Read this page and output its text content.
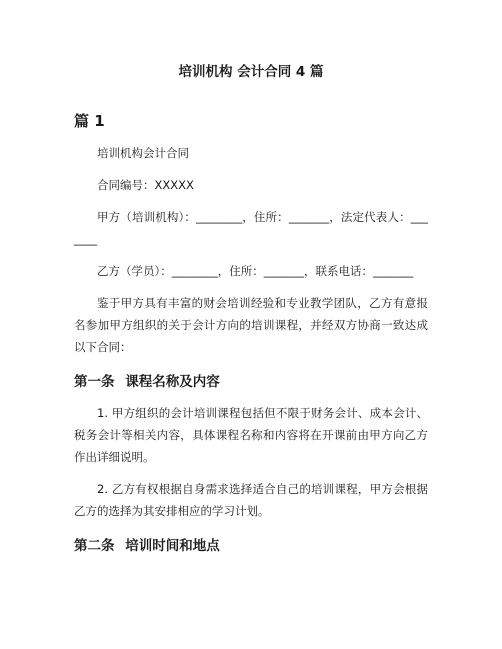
培训机构 会计合同 4 篇
篇 1

培训机构会计合同

合同编号：XXXXX

甲方（培训机构）：________，住所：_______，法定代表人：_______

乙方（学员）：________，住所：_______，联系电话：_______

鉴于甲方具有丰富的财会培训经验和专业教学团队，乙方有意报名参加甲方组织的关于会计方向的培训课程，并经双方协商一致达成以下合同：

第一条 课程名称及内容

1. 甲方组织的会计培训课程包括但不限于财务会计、成本会计、税务会计等相关内容，具体课程名称和内容将在开课前由甲方向乙方作出详细说明。

2. 乙方有权根据自身需求选择适合自己的培训课程，甲方会根据乙方的选择为其安排相应的学习计划。

第二条 培训时间和地点
